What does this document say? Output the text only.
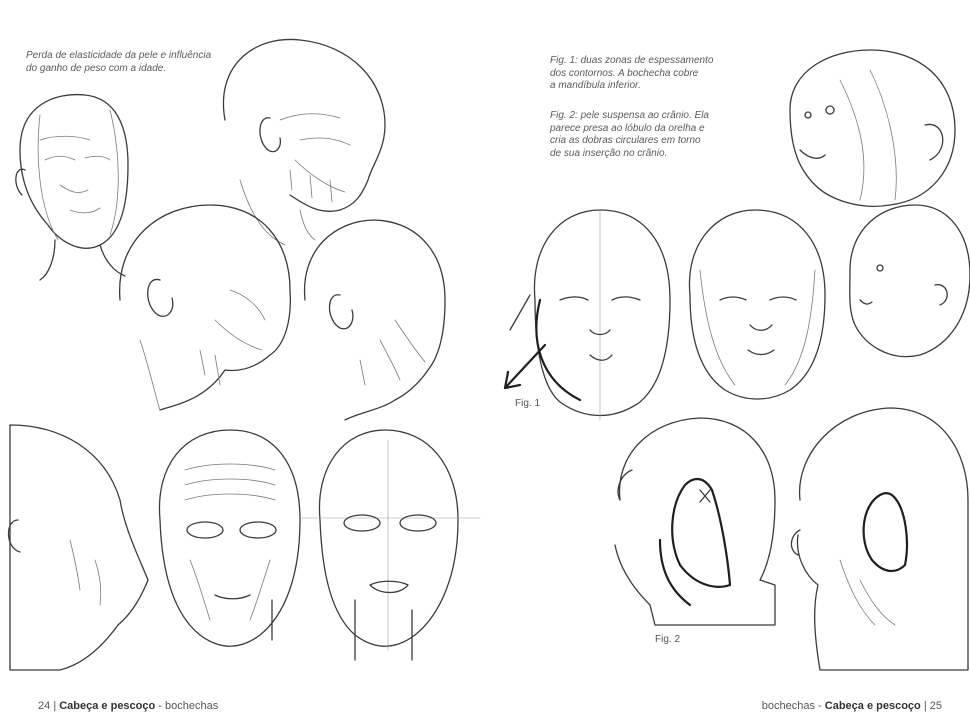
Perda de elasticidade da pele e influência
do ganho de peso com a idade.

24 | Cabeça e pescoço - bochechas

Fig. 1: duas zonas de espessamento
dos contornos. A bochecha cobre
a mandíbula inferior.

Fig. 2: pele suspensa ao crânio. Ela
parece presa ao lóbulo da orelha e
cria as dobras circulares em torno
de sua inserção no crânio.

Fig. 1
Fig. 2
bochechas - Cabeça e pescoço | 25
